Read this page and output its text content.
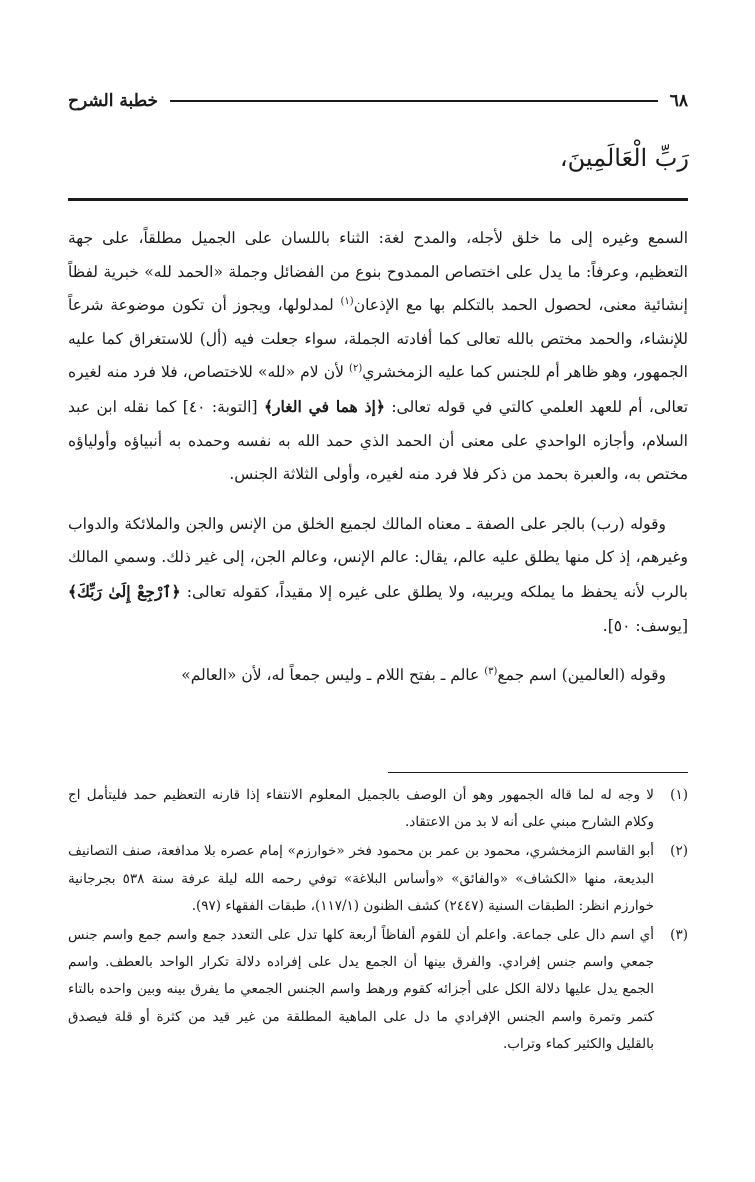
٦٨
خطبة الشرح
رَبِّ الْعَالَمِينَ،

السمع وغيره إلى ما خلق لأجله، والمدح لغة: الثناء باللسان على الجميل مطلقاً، على جهة التعظيم، وعرفاً: ما يدل على اختصاص الممدوح بنوع من الفضائل وجملة «الحمد لله» خبرية لفظاً إنشائية معنى، لحصول الحمد بالتكلم بها مع الإذعان$^{(١)}$ لمدلولها، ويجوز أن تكون موضوعة شرعاً للإنشاء، والحمد مختص بالله تعالى كما أفادته الجملة، سواء جعلت فيه (أل) للاستغراق كما عليه الجمهور، وهو ظاهر أم للجنس كما عليه الزمخشري$^{(٢)}$ لأن لام «لله» للاختصاص، فلا فرد منه لغيره تعالى، أم للعهد العلمي كالتي في قوله تعالى: ﴿إذ هما في الغار﴾ [التوبة: ٤٠] كما نقله ابن عبد السلام، وأجازه الواحدي على معنى أن الحمد الذي حمد الله به نفسه وحمده به أنبياؤه وأولياؤه مختص به، والعبرة بحمد من ذكر فلا فرد منه لغيره، وأولى الثلاثة الجنس.

وقوله (رب) بالجر على الصفة ـ معناه المالك لجميع الخلق من الإنس والجن والملائكة والدواب وغيرهم، إذ كل منها يطلق عليه عالم، يقال: عالم الإنس، وعالم الجن، إلى غير ذلك. وسمي المالك بالرب لأنه يحفظ ما يملكه ويربيه، ولا يطلق على غيره إلا مقيداً، كقوله تعالى: ﴿ٱرْجِعْ إِلَىٰ رَبِّكَ﴾ [يوسف: ٥٠].

وقوله (العالمين) اسم جمع$^{(٣)}$ عالم ـ بفتح اللام ـ وليس جمعاً له، لأن «العالم»

(١)
لا وجه له لما قاله الجمهور وهو أن الوصف بالجميل المعلوم الانتفاء إذا قارنه التعظيم حمد فليتأمل اج وكلام الشارح مبني على أنه لا بد من الاعتقاد.
(٢)
أبو القاسم الزمخشري، محمود بن عمر بن محمود فخر «خوارزم» إمام عصره بلا مدافعة، صنف التصانيف البديعة، منها «الكشاف» «والفائق» «وأساس البلاغة» توفي رحمه الله ليلة عرفة سنة ٥٣٨ بجرجانية خوارزم انظر: الطبقات السنية (٢٤٤٧) كشف الظنون (١١٧/١)، طبقات الفقهاء (٩٧).
(٣)
أي اسم دال على جماعة. واعلم أن للقوم ألفاظاً أربعة كلها تدل على التعدد جمع واسم جمع واسم جنس جمعي واسم جنس إفرادي. والفرق بينها أن الجمع يدل على إفراده دلالة تكرار الواحد بالعطف. واسم الجمع يدل عليها دلالة الكل على أجزائه كقوم ورهط واسم الجنس الجمعي ما يفرق بينه وبين واحده بالتاء كتمر وتمرة واسم الجنس الإفرادي ما دل على الماهية المطلقة من غير قيد من كثرة أو قلة فيصدق بالقليل والكثير كماء وتراب.
